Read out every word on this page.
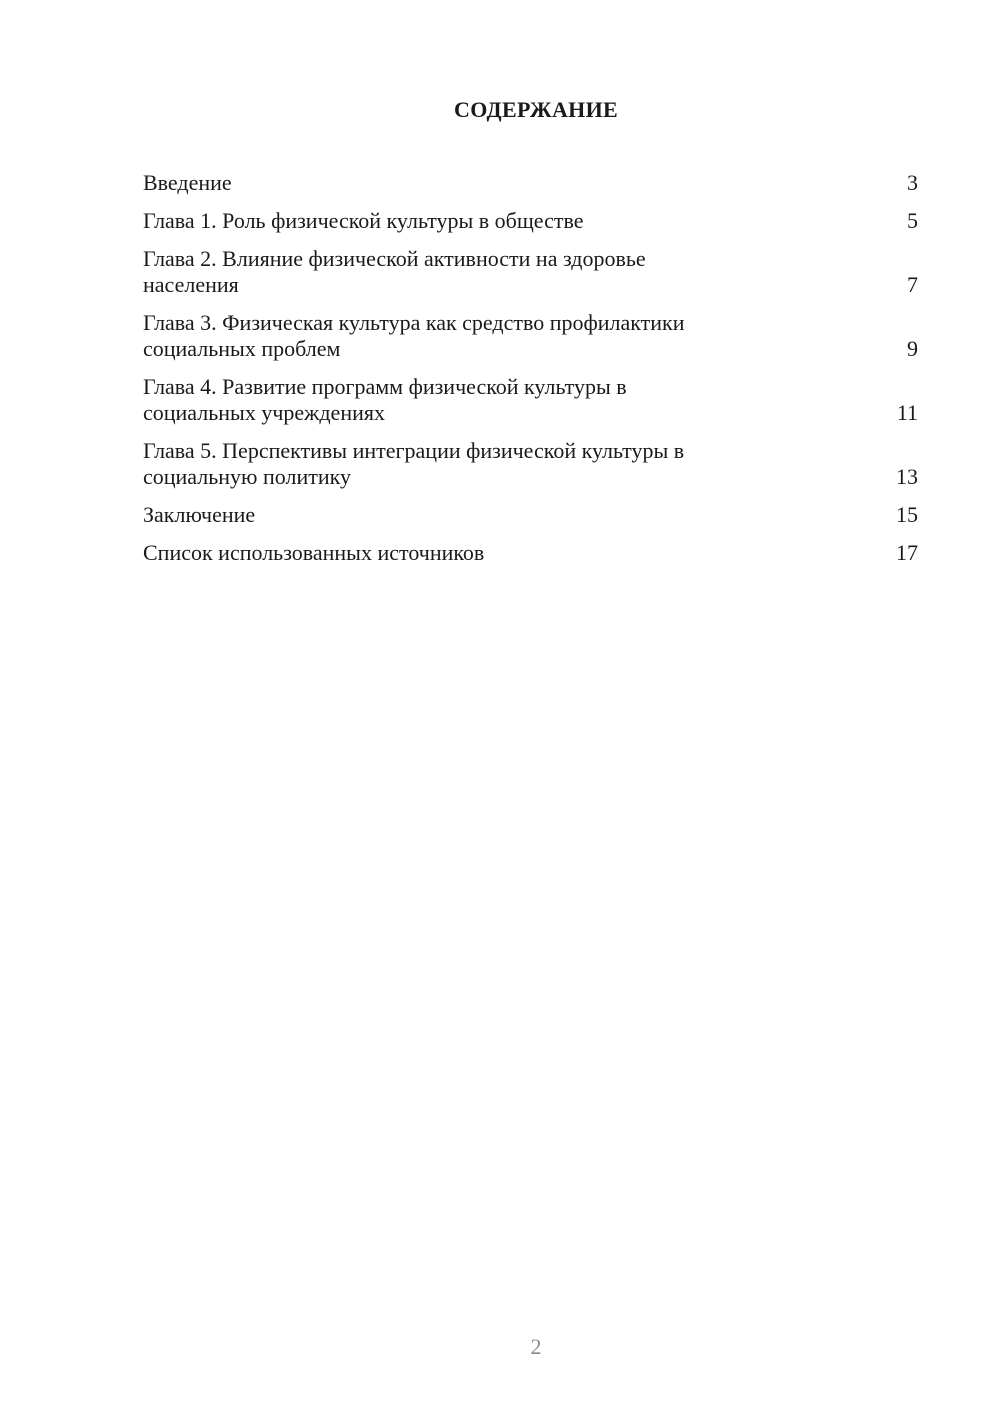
СОДЕРЖАНИЕ
Введение	3
Глава 1. Роль физической культуры в обществе	5
Глава 2. Влияние физической активности на здоровье
населения	7
Глава 3. Физическая культура как средство профилактики
социальных проблем	9
Глава 4. Развитие программ физической культуры в
социальных учреждениях	11
Глава 5. Перспективы интеграции физической культуры в
социальную политику	13
Заключение	15
Список использованных источников	17
2
